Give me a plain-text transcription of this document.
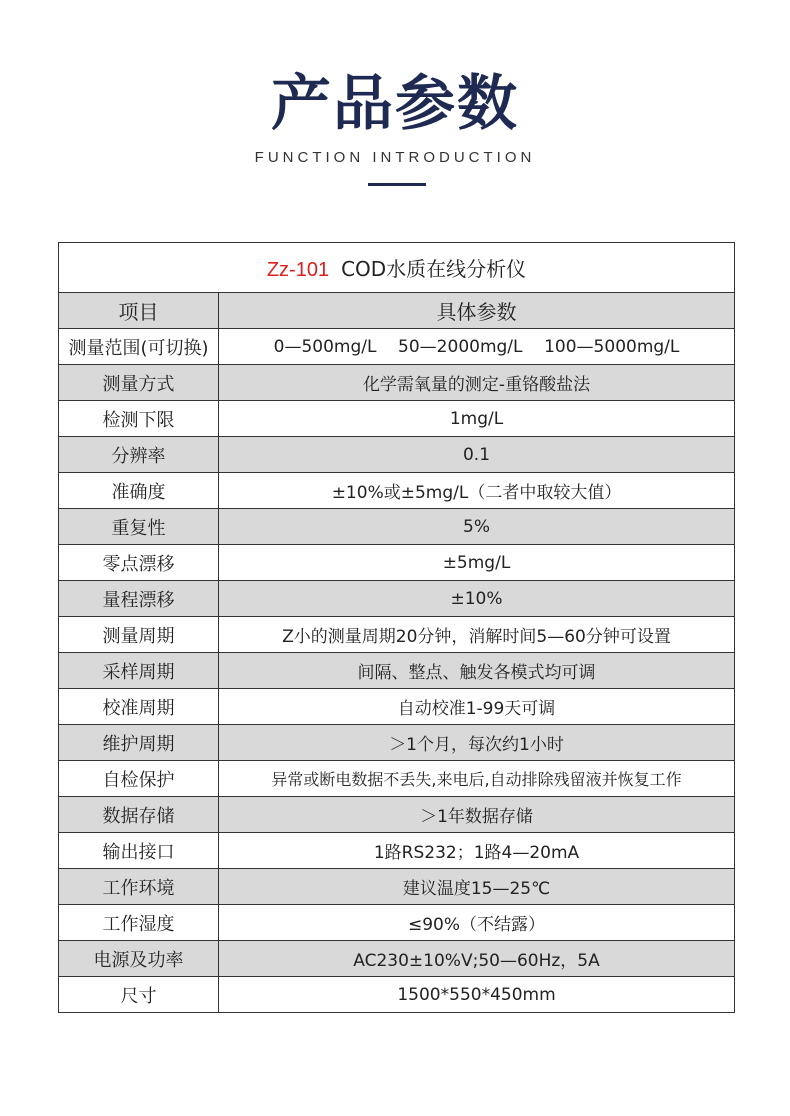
产品参数
FUNCTION INTRODUCTION
Zz-101 COD水质在线分析仪	
项目	具体参数
测量范围(可切换)	0—500mg/L    50—2000mg/L    100—5000mg/L
测量方式	化学需氧量的测定-重铬酸盐法
检测下限	1mg/L
分辨率	0.1
准确度	±10%或±5mg/L（二者中取较大值）
重复性	5%
零点漂移	±5mg/L
量程漂移	±10%
测量周期	Z小的测量周期20分钟，消解时间5—60分钟可设置
采样周期	间隔、整点、触发各模式均可调
校准周期	自动校准1-99天可调
维护周期	＞1个月，每次约1小时
自检保护	异常或断电数据不丢失,来电后,自动排除残留液并恢复工作
数据存储	＞1年数据存储
输出接口	1路RS232；1路4—20mA
工作环境	建议温度15—25℃
工作湿度	≤90%（不结露）
电源及功率	AC230±10%V;50—60Hz，5A
尺寸	1500*550*450mm
